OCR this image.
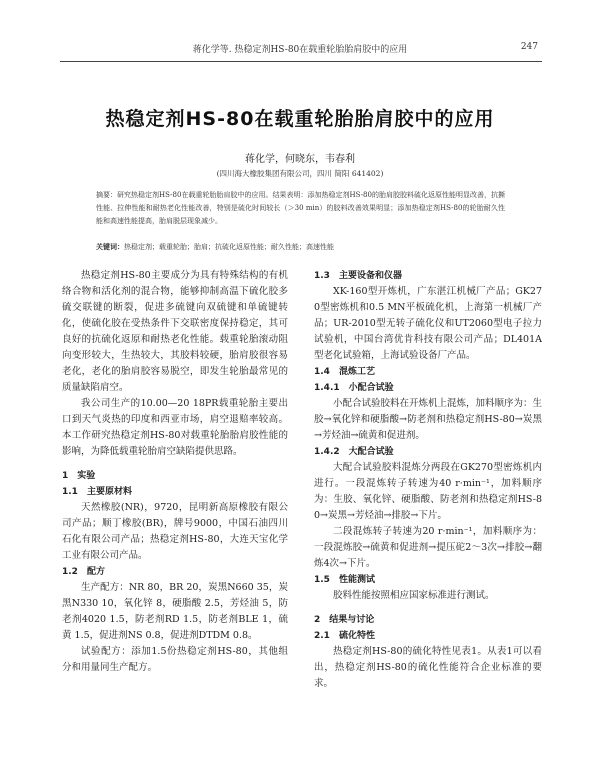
蒋化学等. 热稳定剂HS-80在载重轮胎胎肩胶中的应用	247
热稳定剂HS-80在载重轮胎胎肩胶中的应用
蒋化学，何晓东，韦春利
(四川海大橡胶集团有限公司，四川 简阳 641402)
摘要：研究热稳定剂HS-80在载重轮胎胎肩胶中的应用。结果表明：添加热稳定剂HS-80的胎肩胶胶料硫化返原性能明显改善，抗撕性能、拉伸性能和耐热老化性能改善，特别是硫化时间较长（＞30 min）的胶料改善效果明显；添加热稳定剂HS-80的轮胎耐久性能和高速性能提高，胎肩脱层现象减少。
关键词：热稳定剂；载重轮胎；胎肩；抗硫化返原性能；耐久性能；高速性能

热稳定剂HS-80主要成分为具有特殊结构的有机络合物和活化剂的混合物，能够抑制高温下硫化胶多硫交联键的断裂，促进多硫键向双硫键和单硫键转化，使硫化胶在受热条件下交联密度保持稳定，其可良好的抗硫化返原和耐热老化性能。载重轮胎滚动阻向变形较大，生热较大，其胶料较硬，胎肩胶很容易老化，老化的胎肩胶容易脱空，即发生轮胎最常见的质量缺陷肩空。

我公司生产的10.00—20 18PR载重轮胎主要出口到天气炎热的印度和西亚市场，肩空退赔率较高。本工作研究热稳定剂HS-80对载重轮胎胎肩胶性能的影响，为降低载重轮胎肩空缺陷提供思路。

1　实验

1.1　主要原材料

天然橡胶(NR)，9720，昆明新高原橡胶有限公司产品；顺丁橡胶(BR)，牌号9000，中国石油四川石化有限公司产品；热稳定剂HS-80，大连天宝化学工业有限公司产品。

1.2　配方

生产配方：NR 80，BR 20，炭黑N660 35，炭黑N330 10，氧化锌 8，硬脂酸 2.5，芳烃油 5，防老剂4020 1.5，防老剂RD 1.5，防老剂BLE 1，硫黄 1.5，促进剂NS 0.8，促进剂DTDM 0.8。

试验配方：添加1.5份热稳定剂HS-80，其他组分和用量同生产配方。

1.3　主要设备和仪器

XK-160型开炼机，广东湛江机械厂产品；GK270型密炼机和0.5 MN平板硫化机，上海第一机械厂产品；UR-2010型无转子硫化仪和UT2060型电子拉力试验机，中国台湾优肯科技有限公司产品；DL401A型老化试验箱，上海试验设备厂产品。

1.4　混炼工艺

1.4.1　小配合试验

小配合试验胶料在开炼机上混炼，加料顺序为：生胶→氧化锌和硬脂酸→防老剂和热稳定剂HS-80→炭黑→芳烃油→硫黄和促进剂。

1.4.2　大配合试验

大配合试验胶料混炼分两段在GK270型密炼机内进行。一段混炼转子转速为40 r·min⁻¹，加料顺序为：生胶、氧化锌、硬脂酸、防老剂和热稳定剂HS-80→炭黑→芳烃油→排胶→下片。

二段混炼转子转速为20 r·min⁻¹，加料顺序为：一段混炼胶→硫黄和促进剂→提压砣2～3次→排胶→翻炼4次→下片。

1.5　性能测试

胶料性能按照相应国家标准进行测试。

2　结果与讨论

2.1　硫化特性

热稳定剂HS-80的硫化特性见表1。从表1可以看出，热稳定剂HS-80的硫化性能符合企业标准的要求。
